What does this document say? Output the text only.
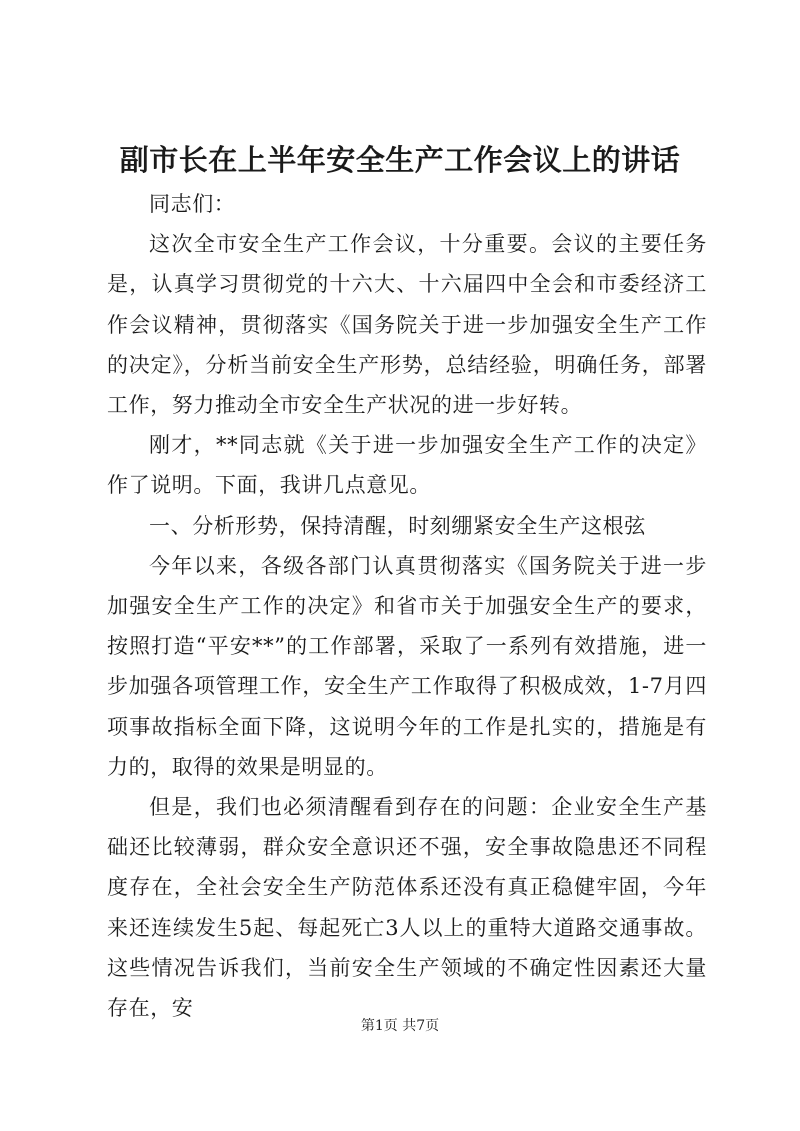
副市长在上半年安全生产工作会议上的讲话

同志们：

这次全市安全生产工作会议，十分重要。会议的主要任务是，认真学习贯彻党的十六大、十六届四中全会和市委经济工作会议精神，贯彻落实《国务院关于进一步加强安全生产工作的决定》，分析当前安全生产形势，总结经验，明确任务，部署工作，努力推动全市安全生产状况的进一步好转。

刚才，**同志就《关于进一步加强安全生产工作的决定》作了说明。下面，我讲几点意见。

一、分析形势，保持清醒，时刻绷紧安全生产这根弦

今年以来，各级各部门认真贯彻落实《国务院关于进一步加强安全生产工作的决定》和省市关于加强安全生产的要求，按照打造“平安**”的工作部署，采取了一系列有效措施，进一步加强各项管理工作，安全生产工作取得了积极成效，1-7月四项事故指标全面下降，这说明今年的工作是扎实的，措施是有力的，取得的效果是明显的。

但是，我们也必须清醒看到存在的问题：企业安全生产基础还比较薄弱，群众安全意识还不强，安全事故隐患还不同程度存在，全社会安全生产防范体系还没有真正稳健牢固，今年来还连续发生5起、每起死亡3人以上的重特大道路交通事故。这些情况告诉我们，当前安全生产领域的不确定性因素还大量存在，安

第1页 共7页
